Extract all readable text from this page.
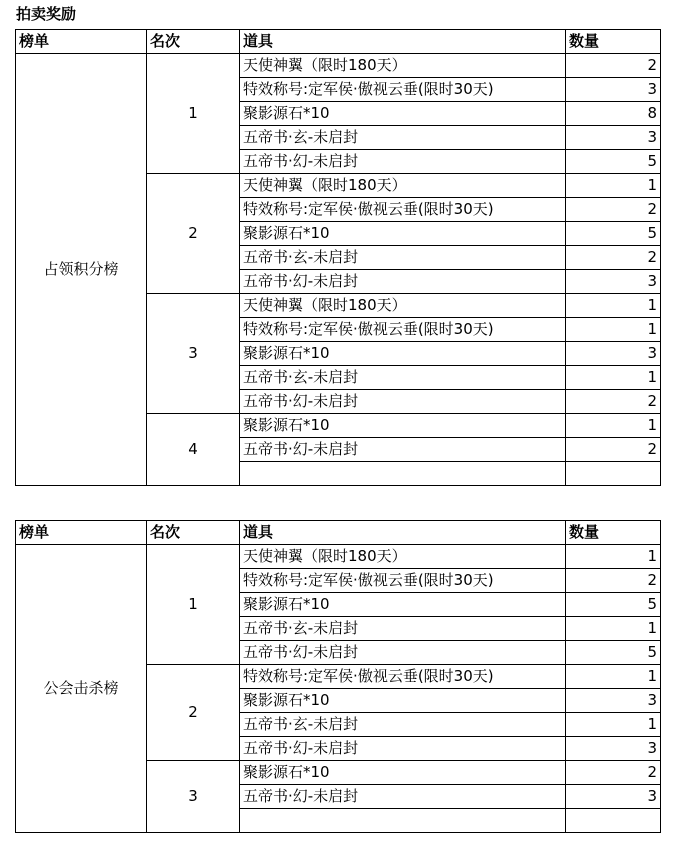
拍卖奖励
榜单	名次	道具	数量
占领积分榜	1	天使神翼（限时180天）	2
		特效称号:定军侯·傲视云垂(限时30天)	3
		聚影源石*10	8
		五帝书·玄-未启封	3
		五帝书·幻-未启封	5
	2	天使神翼（限时180天）	1
		特效称号:定军侯·傲视云垂(限时30天)	2
		聚影源石*10	5
		五帝书·玄-未启封	2
		五帝书·幻-未启封	3
	3	天使神翼（限时180天）	1
		特效称号:定军侯·傲视云垂(限时30天)	1
		聚影源石*10	3
		五帝书·玄-未启封	1
		五帝书·幻-未启封	2
	4	聚影源石*10	1
		五帝书·幻-未启封	2

榜单	名次	道具	数量
公会击杀榜	1	天使神翼（限时180天）	1
		特效称号:定军侯·傲视云垂(限时30天)	2
		聚影源石*10	5
		五帝书·玄-未启封	1
		五帝书·幻-未启封	5
	2	特效称号:定军侯·傲视云垂(限时30天)	1
		聚影源石*10	3
		五帝书·玄-未启封	1
		五帝书·幻-未启封	3
	3	聚影源石*10	2
		五帝书·幻-未启封	3
